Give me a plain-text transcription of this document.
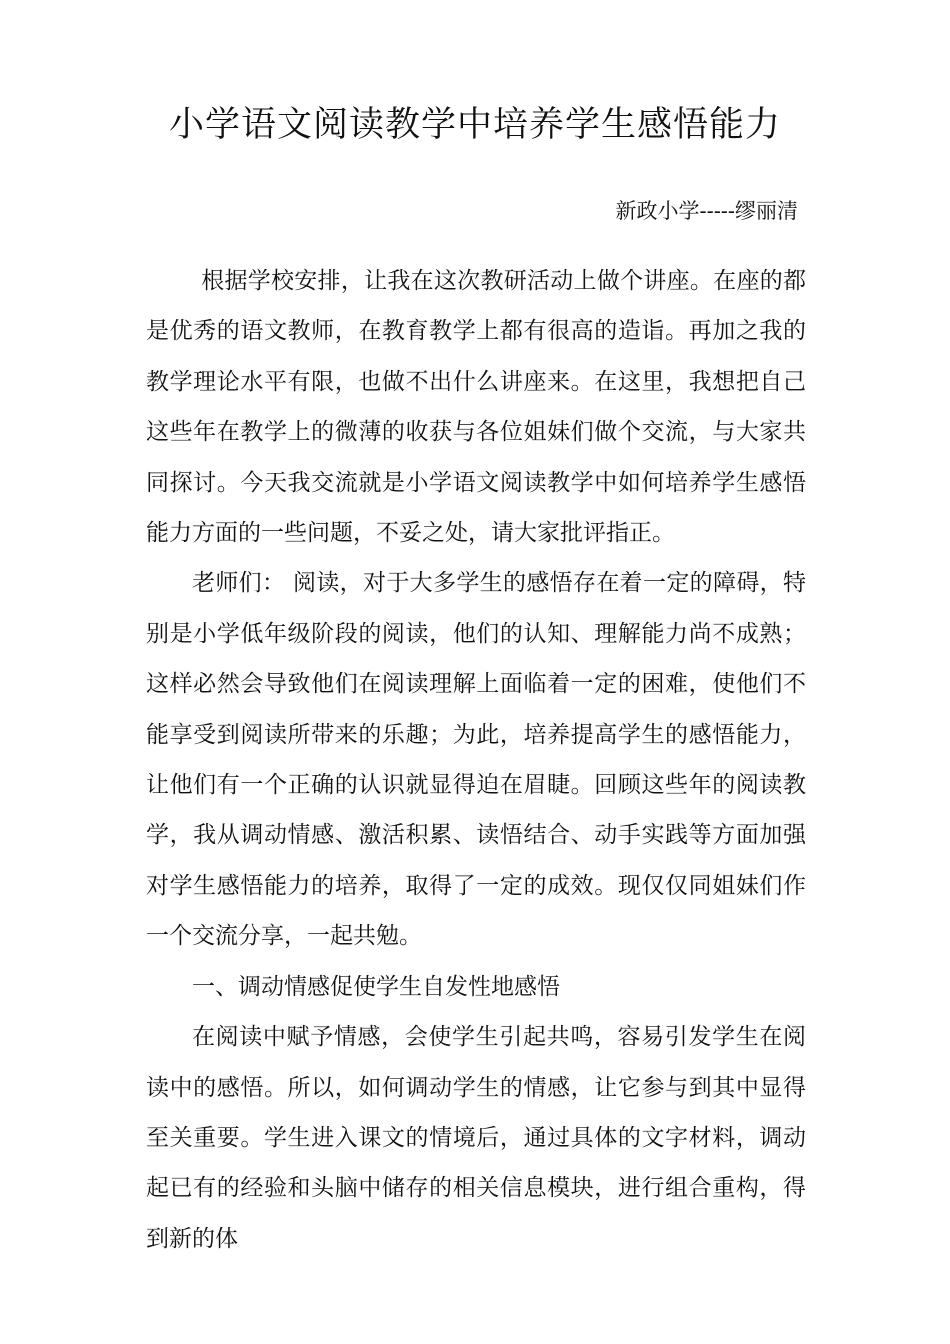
小学语文阅读教学中培养学生感悟能力
新政小学-----缪丽清

根据学校安排，让我在这次教研活动上做个讲座。在座的都是优秀的语文教师，在教育教学上都有很高的造诣。再加之我的教学理论水平有限，也做不出什么讲座来。在这里，我想把自己这些年在教学上的微薄的收获与各位姐妹们做个交流，与大家共同探讨。今天我交流就是小学语文阅读教学中如何培养学生感悟能力方面的一些问题，不妥之处，请大家批评指正。

老师们： 阅读，对于大多学生的感悟存在着一定的障碍，特别是小学低年级阶段的阅读，他们的认知、理解能力尚不成熟；这样必然会导致他们在阅读理解上面临着一定的困难，使他们不能享受到阅读所带来的乐趣；为此，培养提高学生的感悟能力，让他们有一个正确的认识就显得迫在眉睫。回顾这些年的阅读教学，我从调动情感、激活积累、读悟结合、动手实践等方面加强对学生感悟能力的培养，取得了一定的成效。现仅仅同姐妹们作一个交流分享，一起共勉。

一、调动情感促使学生自发性地感悟

在阅读中赋予情感，会使学生引起共鸣，容易引发学生在阅读中的感悟。所以，如何调动学生的情感，让它参与到其中显得至关重要。学生进入课文的情境后，通过具体的文字材料，调动起已有的经验和头脑中储存的相关信息模块，进行组合重构，得到新的体
